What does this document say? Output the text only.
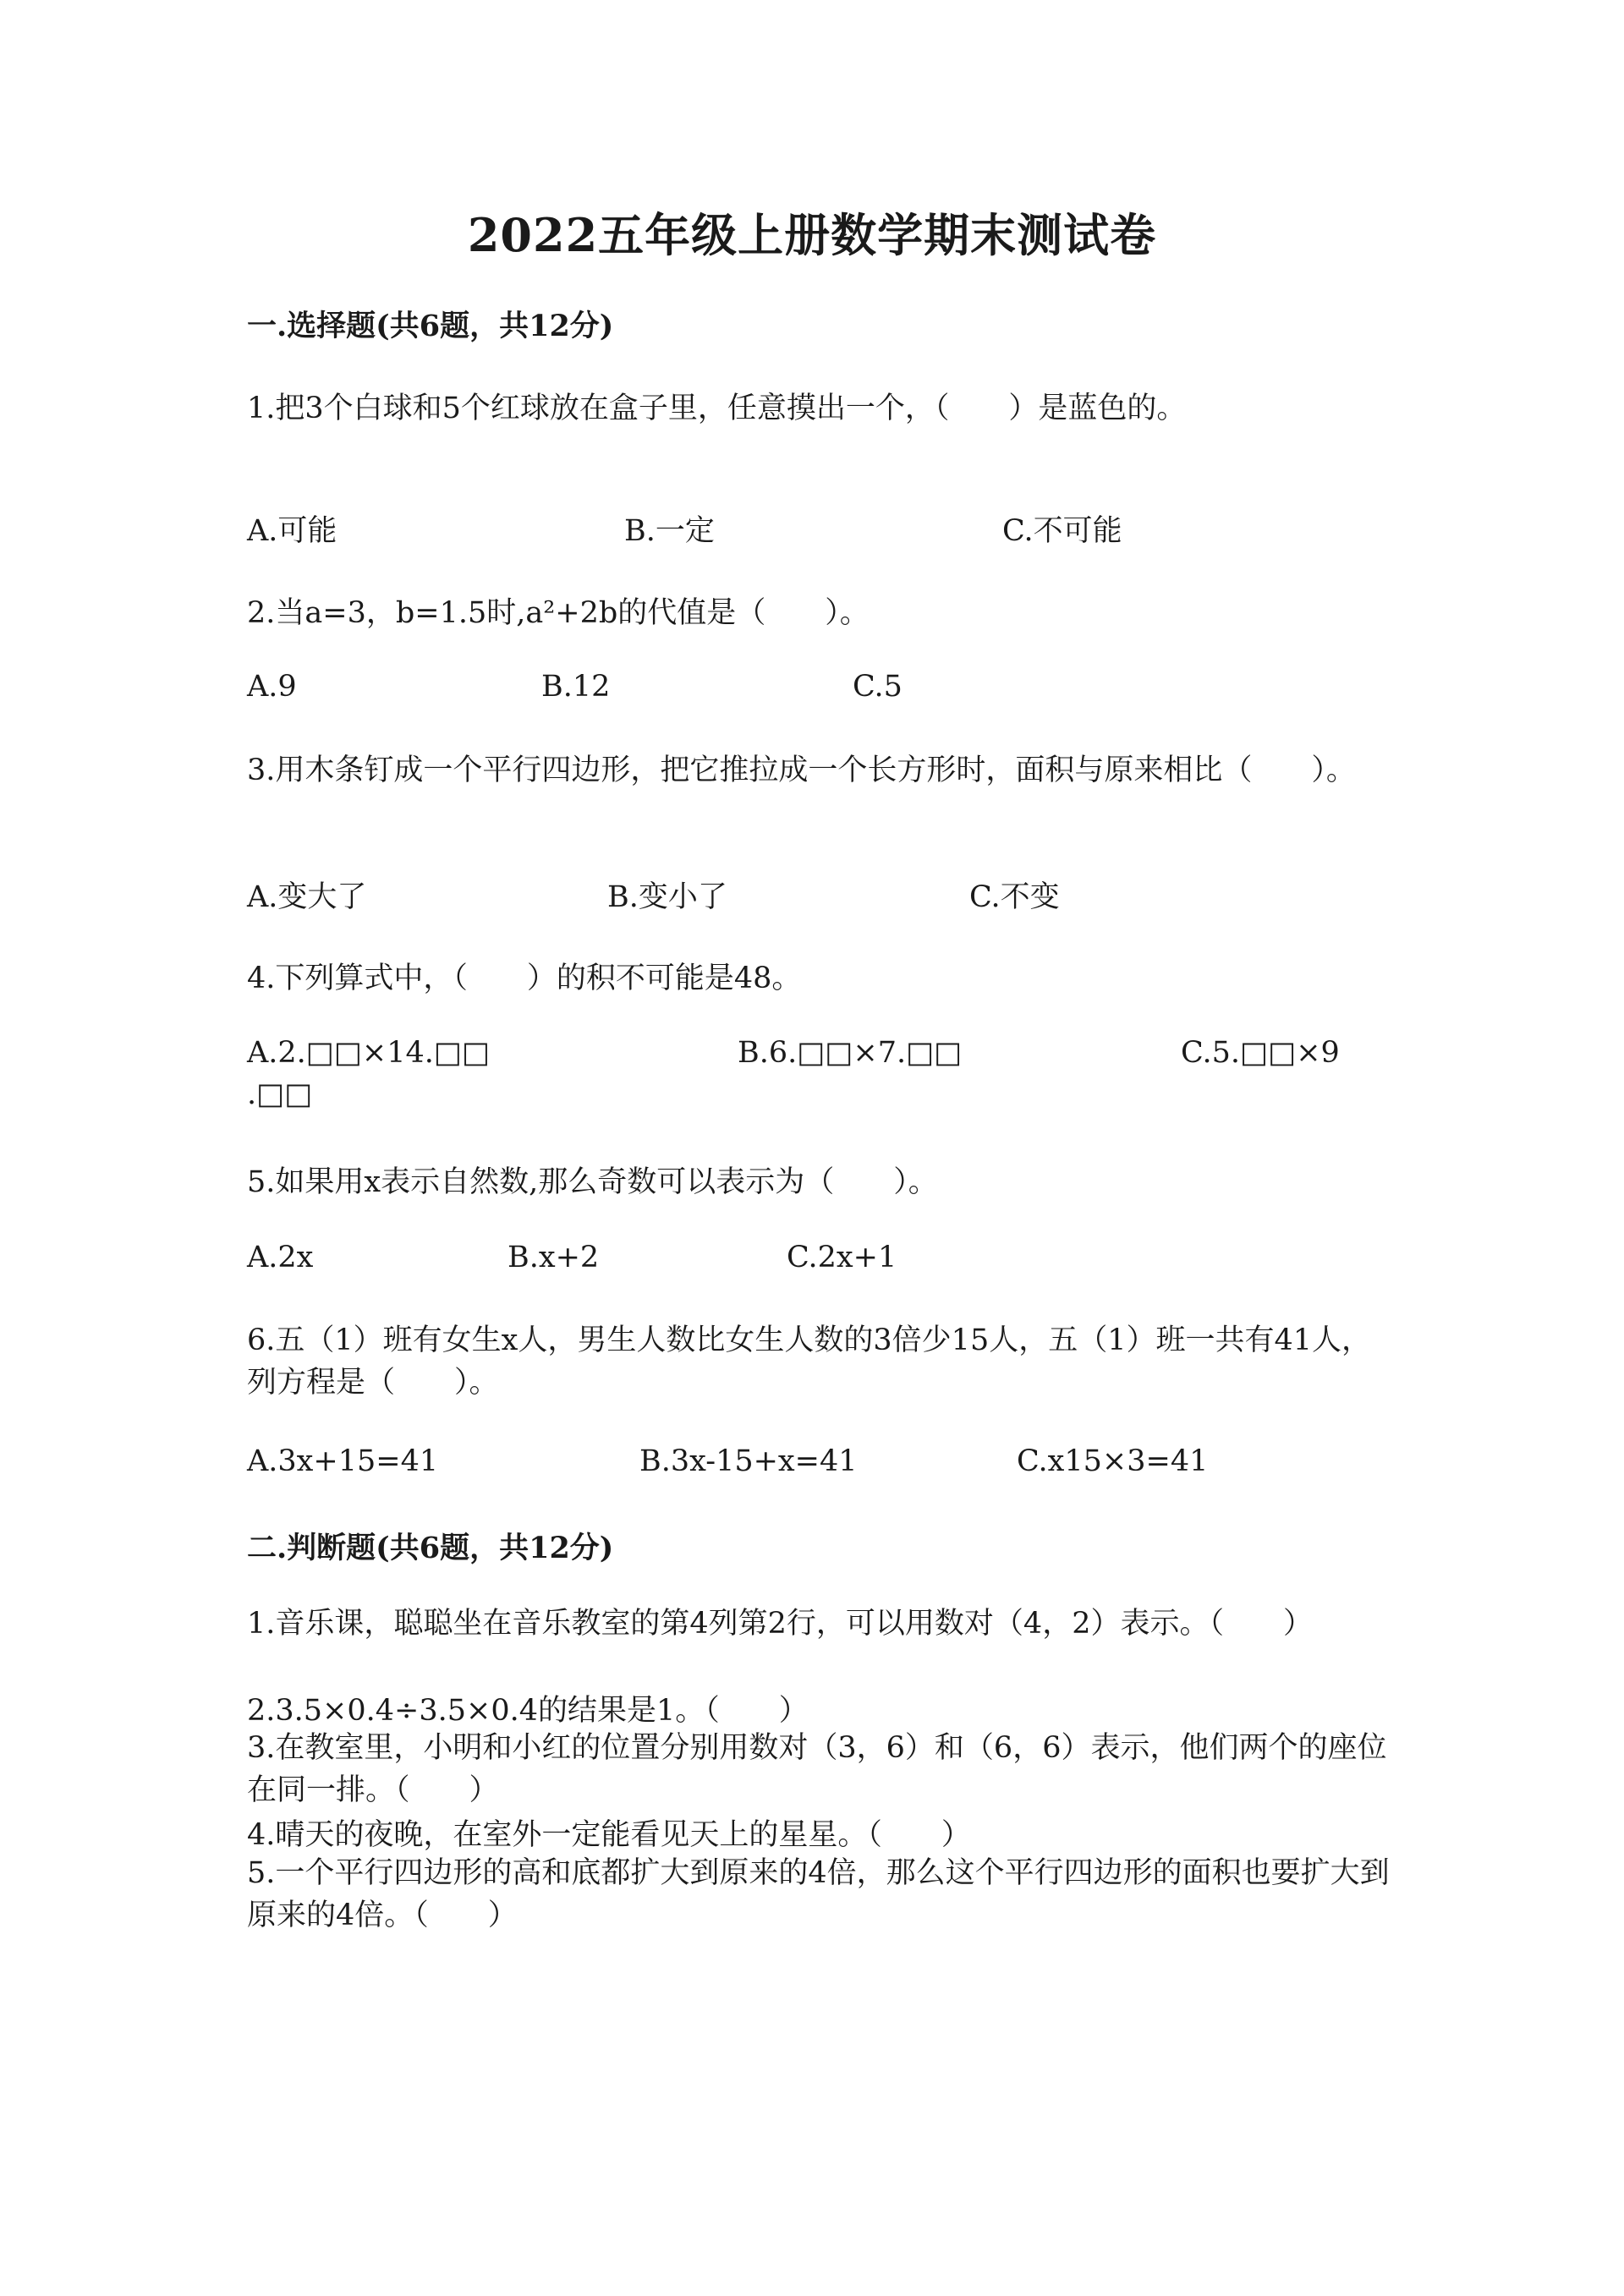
2022五年级上册数学期末测试卷
一.选择题(共6题，共12分)
1.把3个白球和5个红球放在盒子里，任意摸出一个，（　　）是蓝色的。
A.可能	B.一定	C.不可能
2.当a=3，b=1.5时,a²+2b的代值是（　　）。
A.9	B.12	C.5
3.用木条钉成一个平行四边形，把它推拉成一个长方形时，面积与原来相比（　　）。
A.变大了	B.变小了	C.不变
4.下列算式中，（　　）的积不可能是48。
A.2.□□×14.□□	B.6.□□×7.□□	C.5.□□×9
.□□
5.如果用x表示自然数,那么奇数可以表示为（　　）。
A.2x	B.x+2	C.2x+1
6.五（1）班有女生x人，男生人数比女生人数的3倍少15人，五（1）班一共有41人，列方程是（　　）。
A.3x+15=41	B.3x-15+x=41	C.x15×3=41
二.判断题(共6题，共12分)
1.音乐课，聪聪坐在音乐教室的第4列第2行，可以用数对（4，2）表示。（　　）
2.3.5×0.4÷3.5×0.4的结果是1。（　　）
3.在教室里，小明和小红的位置分别用数对（3，6）和（6，6）表示，他们两个的座位在同一排。（　　）
4.晴天的夜晚，在室外一定能看见天上的星星。（　　）
5.一个平行四边形的高和底都扩大到原来的4倍，那么这个平行四边形的面积也要扩大到原来的4倍。（　　）
